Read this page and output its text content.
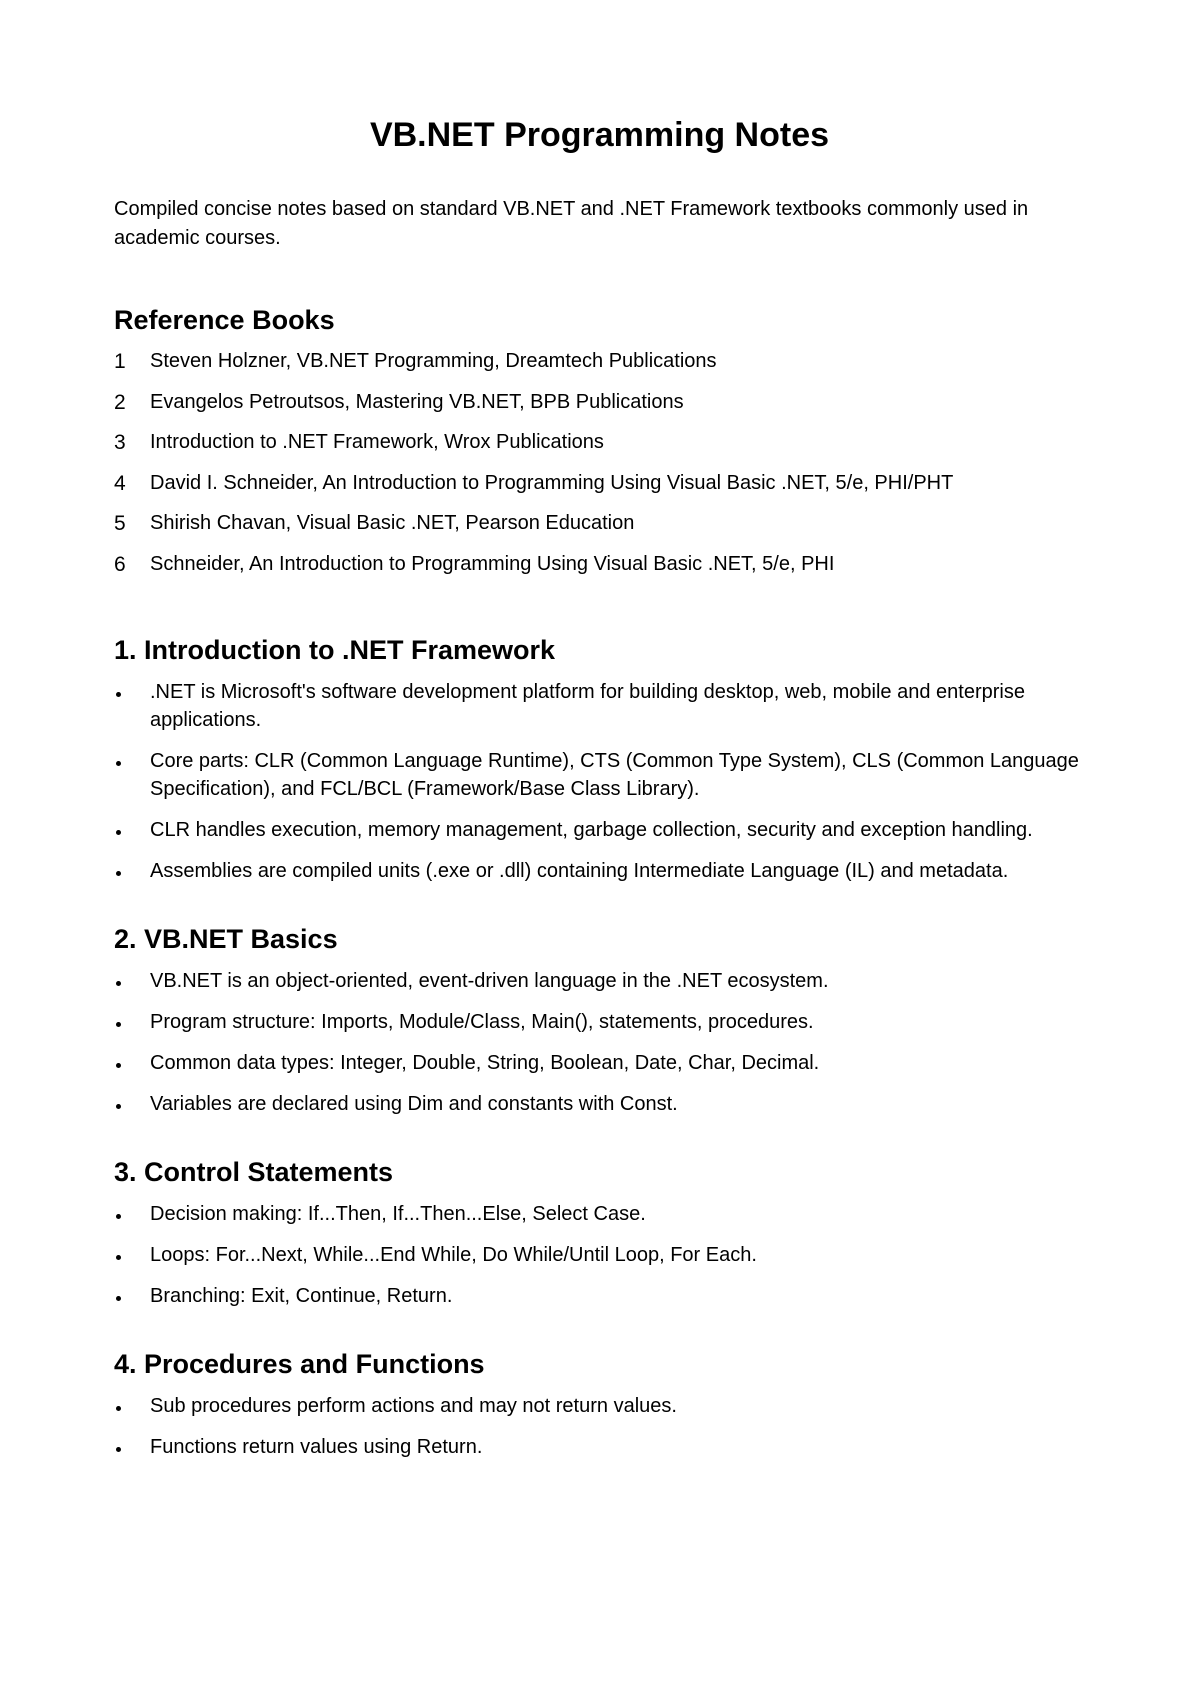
VB.NET Programming Notes

Compiled concise notes based on standard VB.NET and .NET Framework textbooks commonly used in academic courses.

Reference Books
1 Steven Holzner, VB.NET Programming, Dreamtech Publications
2 Evangelos Petroutsos, Mastering VB.NET, BPB Publications
3 Introduction to .NET Framework, Wrox Publications
4 David I. Schneider, An Introduction to Programming Using Visual Basic .NET, 5/e, PHI/PHT
5 Shirish Chavan, Visual Basic .NET, Pearson Education
6 Schneider, An Introduction to Programming Using Visual Basic .NET, 5/e, PHI
1. Introduction to .NET Framework
.NET is Microsoft's software development platform for building desktop, web, mobile and enterprise applications.
Core parts: CLR (Common Language Runtime), CTS (Common Type System), CLS (Common Language Specification), and FCL/BCL (Framework/Base Class Library).
CLR handles execution, memory management, garbage collection, security and exception handling.
Assemblies are compiled units (.exe or .dll) containing Intermediate Language (IL) and metadata.
2. VB.NET Basics
VB.NET is an object-oriented, event-driven language in the .NET ecosystem.
Program structure: Imports, Module/Class, Main(), statements, procedures.
Common data types: Integer, Double, String, Boolean, Date, Char, Decimal.
Variables are declared using Dim and constants with Const.
3. Control Statements
Decision making: If...Then, If...Then...Else, Select Case.
Loops: For...Next, While...End While, Do While/Until Loop, For Each.
Branching: Exit, Continue, Return.
4. Procedures and Functions
Sub procedures perform actions and may not return values.
Functions return values using Return.
